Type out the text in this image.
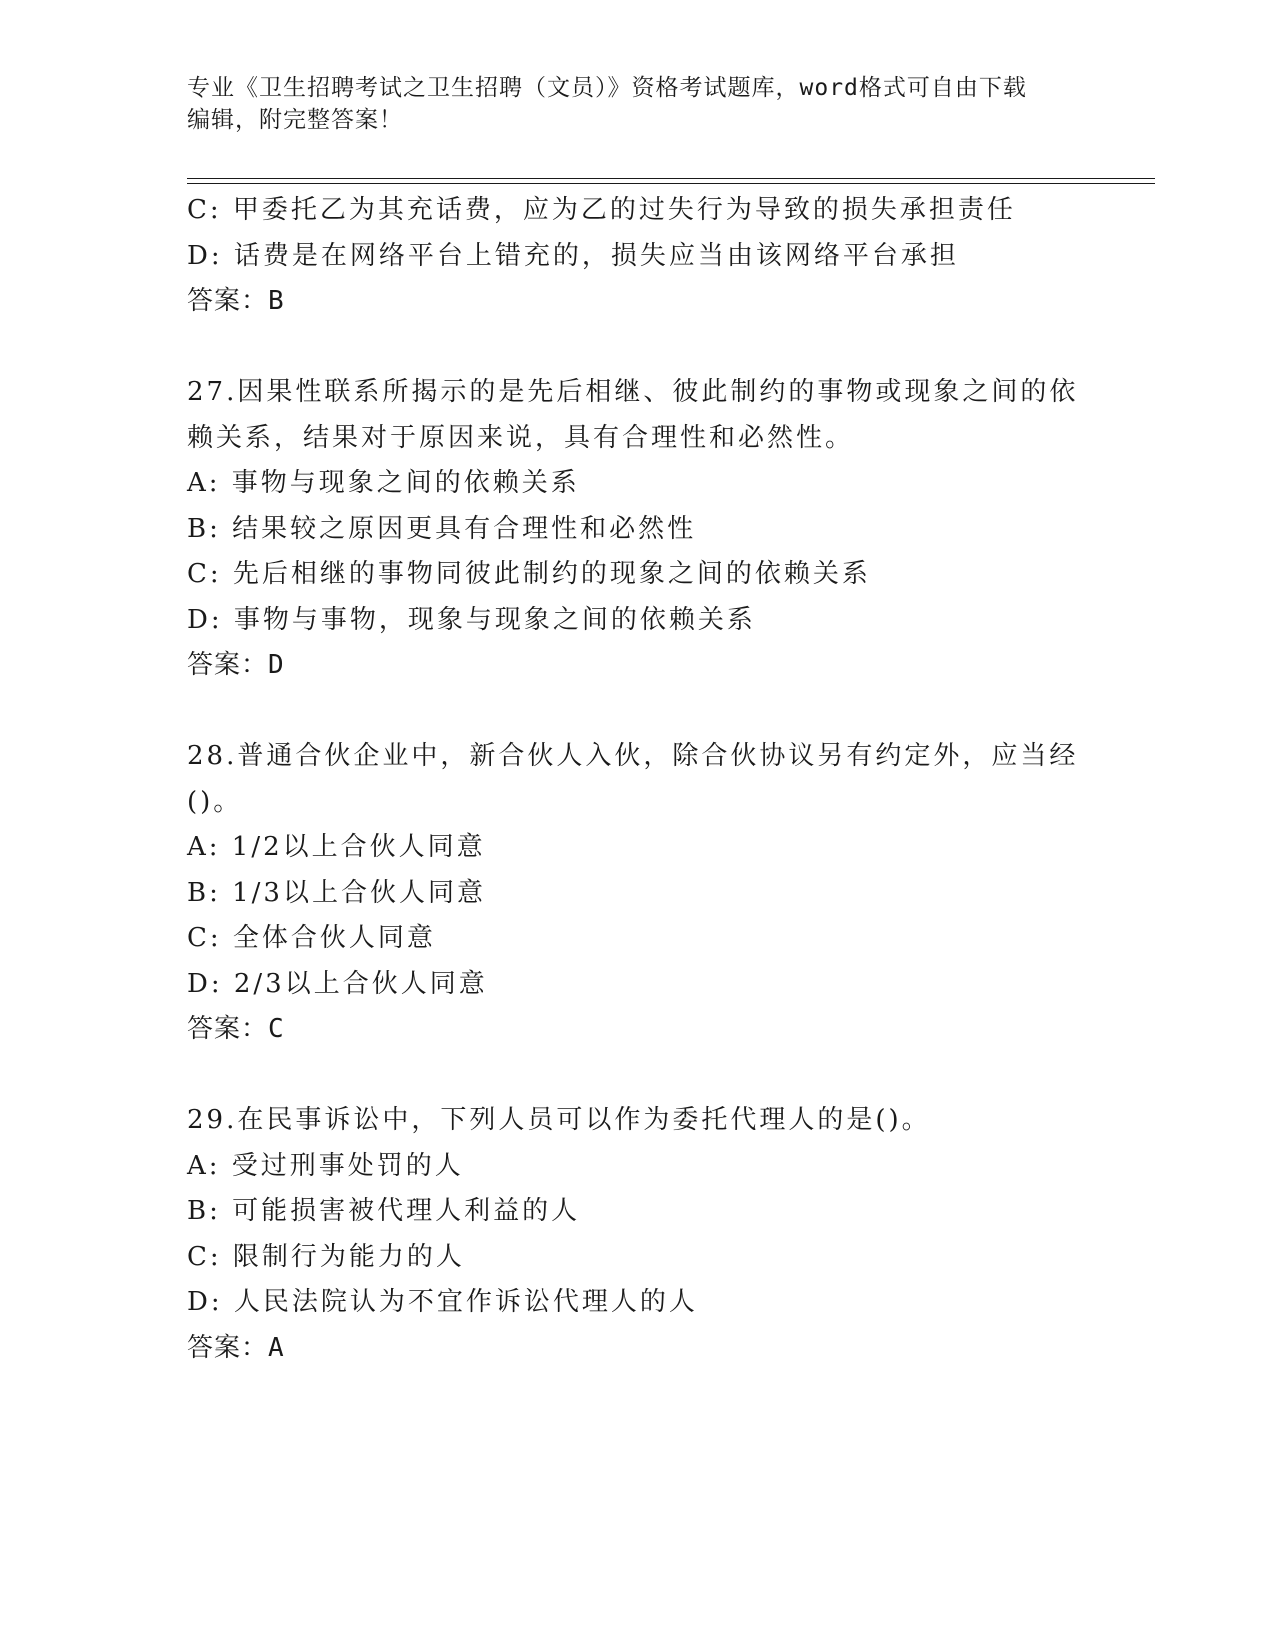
专业《卫生招聘考试之卫生招聘（文员）》资格考试题库，word格式可自由下载
编辑，附完整答案！
C: 甲委托乙为其充话费，应为乙的过失行为导致的损失承担责任
D: 话费是在网络平台上错充的，损失应当由该网络平台承担
答案：B
27.因果性联系所揭示的是先后相继、彼此制约的事物或现象之间的依
赖关系，结果对于原因来说，具有合理性和必然性。
A: 事物与现象之间的依赖关系
B: 结果较之原因更具有合理性和必然性
C: 先后相继的事物同彼此制约的现象之间的依赖关系
D: 事物与事物，现象与现象之间的依赖关系
答案：D
28.普通合伙企业中，新合伙人入伙，除合伙协议另有约定外，应当经
()。
A: 1/2以上合伙人同意
B: 1/3以上合伙人同意
C: 全体合伙人同意
D: 2/3以上合伙人同意
答案：C
29.在民事诉讼中，下列人员可以作为委托代理人的是()。
A: 受过刑事处罚的人
B: 可能损害被代理人利益的人
C: 限制行为能力的人
D: 人民法院认为不宜作诉讼代理人的人
答案：A
